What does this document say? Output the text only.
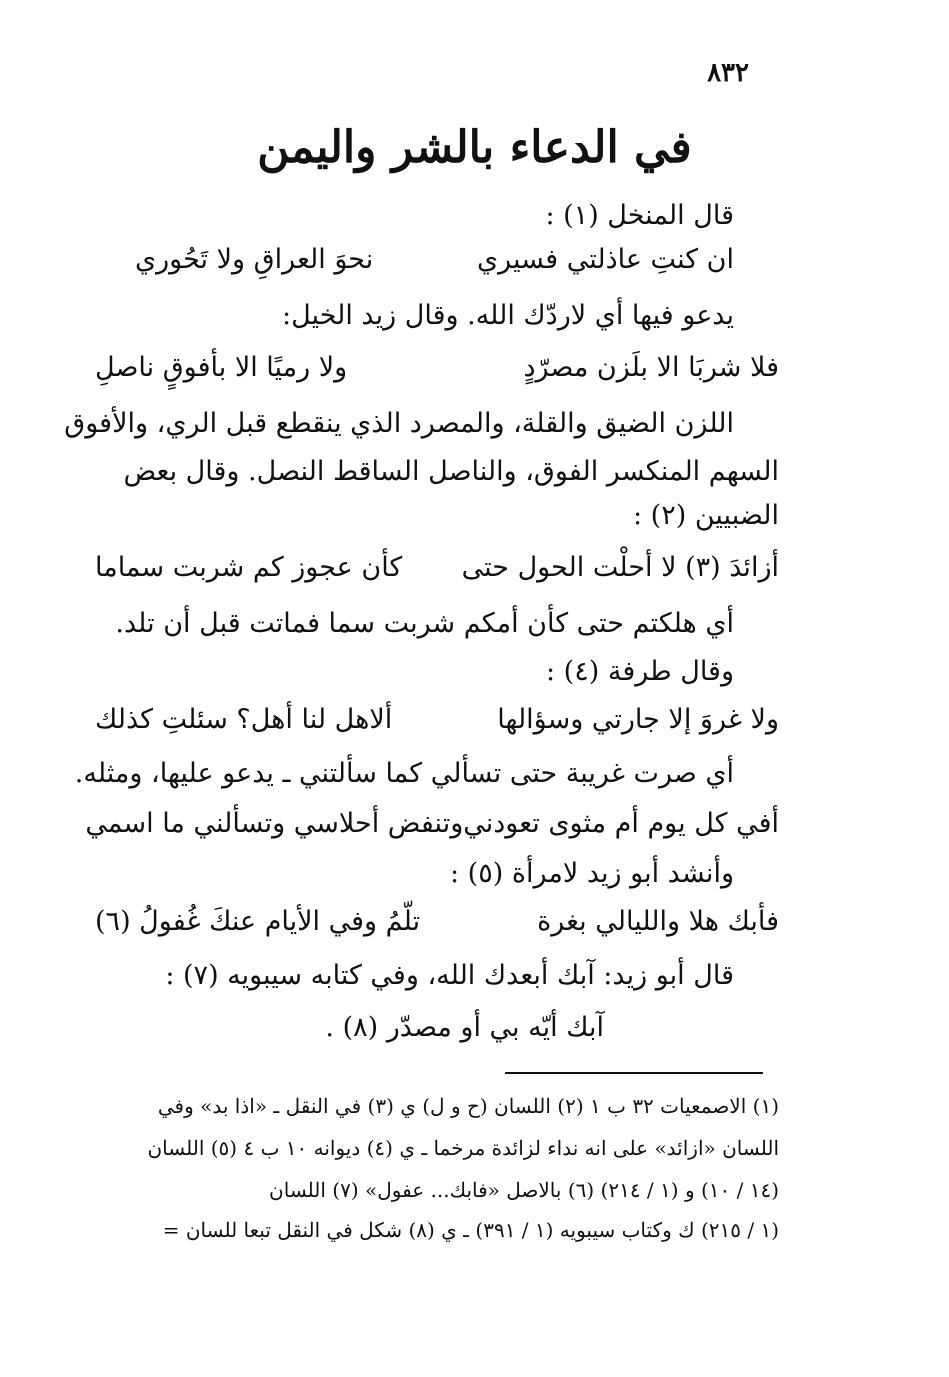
٨٣٢
في الدعاء بالشر واليمن
قال المنخل (١) :
ان كنتِ عاذلتي فسيري
نحوَ العراقِ ولا تَحُوري
يدعو فيها أي لاردّك الله. وقال زيد الخيل:
فلا شربَا الا بلَزن مصرّدٍ
ولا رميًا الا بأفوقٍ ناصلِ
اللزن الضيق والقلة، والمصرد الذي ينقطع قبل الري، والأفوق
السهم المنكسر الفوق، والناصل الساقط النصل. وقال بعض
الضبيين (٢) :
أزائدَ (٣) لا أحلْت الحول حتى
كأن عجوز كم شربت سماما
أي هلكتم حتى كأن أمكم شربت سما فماتت قبل أن تلد.
وقال طرفة (٤) :
ولا غروَ إلا جارتي وسؤالها
ألاهل لنا أهل؟ سئلتِ كذلك
أي صرت غريبة حتى تسألي كما سألتني ـ يدعو عليها، ومثله.
أفي كل يوم أم مثوى تعودني
وتنفض أحلاسي وتسألني ما اسمي
وأنشد أبو زيد لامرأة (٥) :
فأبك هلا والليالي بغرة
تلّمُ وفي الأيام عنكَ غُفولُ (٦)
قال أبو زيد: آبك أبعدك الله، وفي كتابه سيبويه (٧) :
آبك أيّه بي أو مصدّر (٨) .
(١) الاصمعيات ٣٢ ب ١ (٢) اللسان (ح و ل) ي (٣) في النقل ـ «اذا بد» وفي
اللسان «ازائد» على انه نداء لزائدة مرخما ـ ي (٤) ديوانه ١٠ ب ٤ (٥) اللسان
(١٤ / ١٠) و (١ / ٢١٤) (٦) بالاصل «فابك... عفول» (٧) اللسان
(١ / ٢١٥) ك وكتاب سيبويه (١ / ٣٩١) ـ ي (٨) شكل في النقل تبعا للسان =
